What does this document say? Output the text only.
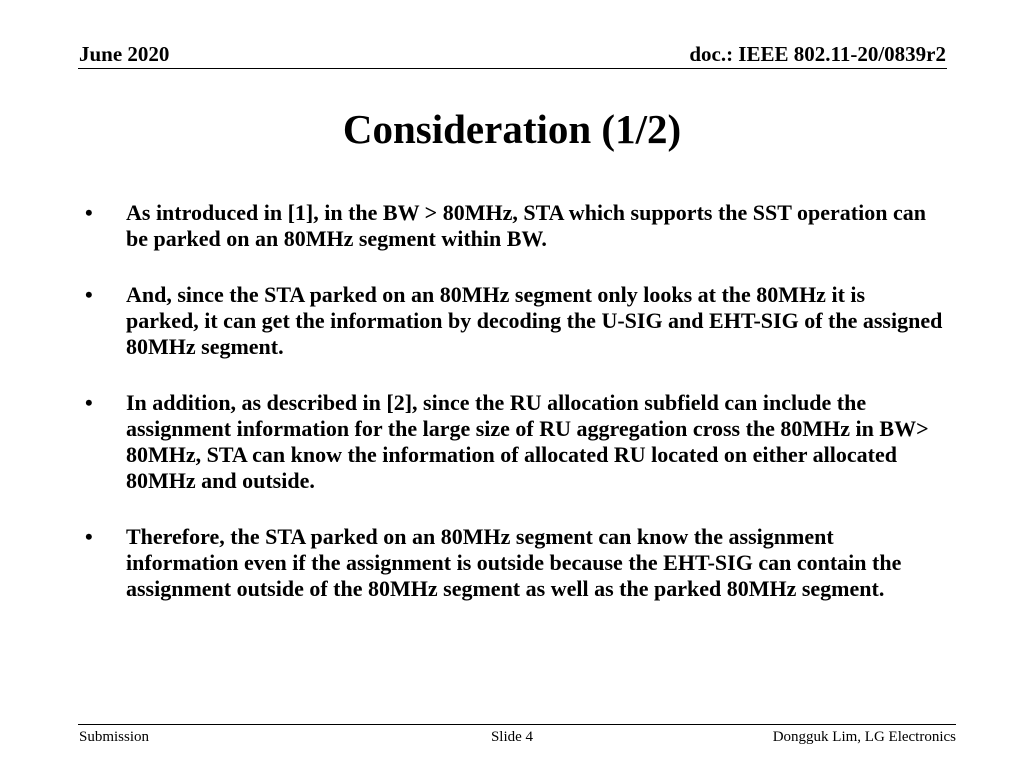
June 2020	doc.: IEEE 802.11-20/0839r2
Consideration (1/2)
• As introduced in [1], in the BW > 80MHz, STA which supports the SST operation can be parked on an 80MHz segment within BW.
• And, since the STA parked on an 80MHz segment only looks at the 80MHz it is parked, it can get the information by decoding the U-SIG and EHT-SIG of the assigned 80MHz segment.
• In addition, as described in [2], since the RU allocation subfield can include the assignment information for the large size of RU aggregation cross the 80MHz in BW> 80MHz, STA can know the information of allocated RU located on either allocated 80MHz and outside.
• Therefore, the STA parked on an 80MHz segment can know the assignment information even if the assignment is outside because the EHT-SIG can contain the assignment outside of the 80MHz segment as well as the parked 80MHz segment.
Submission	Slide 4	Dongguk Lim, LG Electronics
